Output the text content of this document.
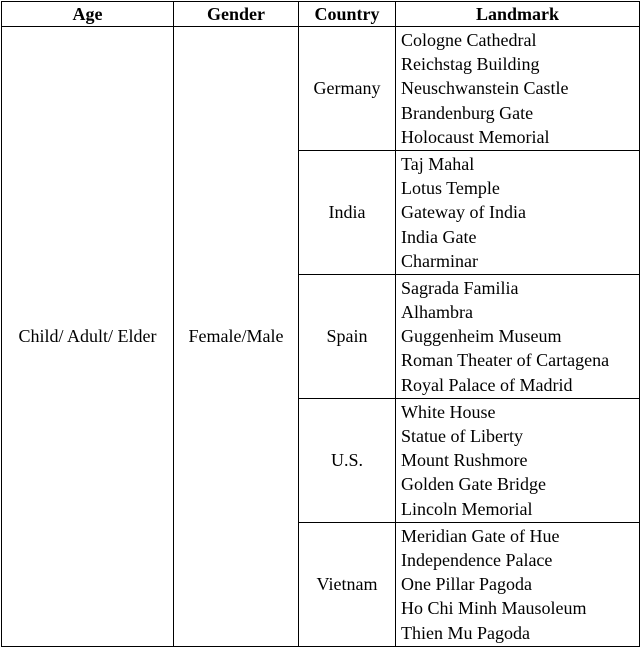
Age	Gender	Country	Landmark
Child/ Adult/ Elder	Female/Male	Germany	Cologne Cathedral
Reichstag Building
Neuschwanstein Castle
Brandenburg Gate
Holocaust Memorial

		India	Taj Mahal
Lotus Temple
Gateway of India
India Gate
Charminar

		Spain	Sagrada Familia
Alhambra
Guggenheim Museum
Roman Theater of Cartagena
Royal Palace of Madrid

		U.S.	White House
Statue of Liberty
Mount Rushmore
Golden Gate Bridge
Lincoln Memorial

		Vietnam	Meridian Gate of Hue
Independence Palace
One Pillar Pagoda
Ho Chi Minh Mausoleum
Thien Mu Pagoda
